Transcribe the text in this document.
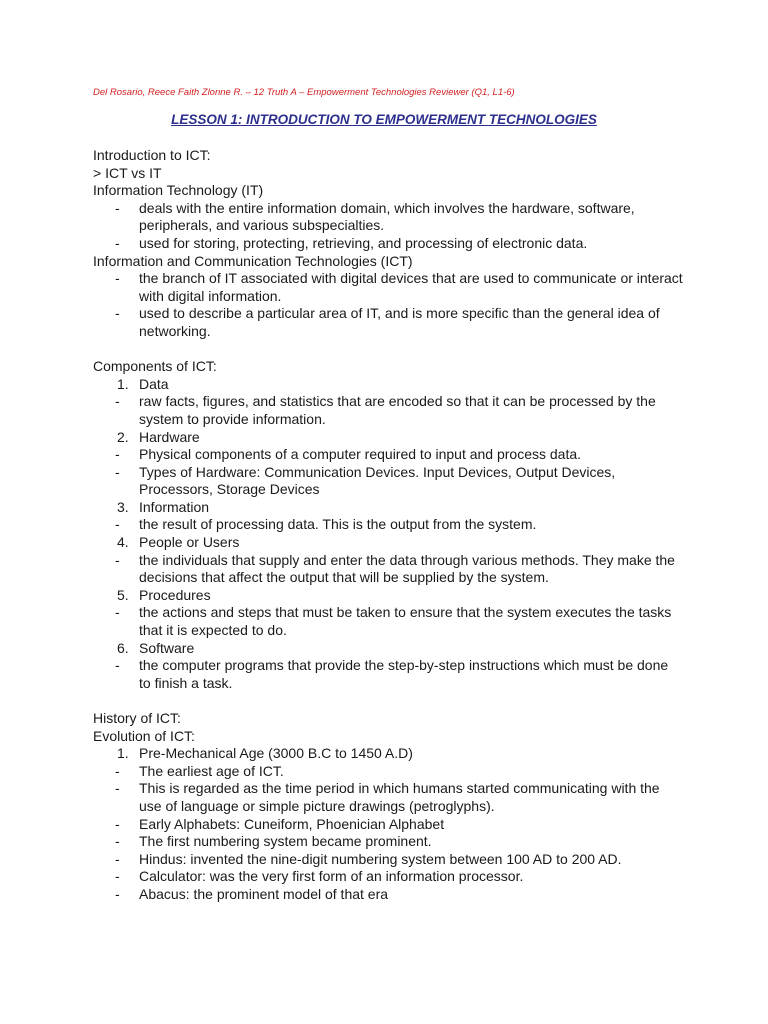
Del Rosario, Reece Faith Zlonne R. – 12 Truth A – Empowerment Technologies Reviewer (Q1, L1-6)
LESSON 1: INTRODUCTION TO EMPOWERMENT TECHNOLOGIES
Introduction to ICT:
> ICT vs IT
Information Technology (IT)
- deals with the entire information domain, which involves the hardware, software, peripherals, and various subspecialties.
- used for storing, protecting, retrieving, and processing of electronic data.
Information and Communication Technologies (ICT)
- the branch of IT associated with digital devices that are used to communicate or interact with digital information.
- used to describe a particular area of IT, and is more specific than the general idea of networking.
Components of ICT:
1. Data
- raw facts, figures, and statistics that are encoded so that it can be processed by the system to provide information.
2. Hardware
- Physical components of a computer required to input and process data.
- Types of Hardware: Communication Devices. Input Devices, Output Devices, Processors, Storage Devices
3. Information
- the result of processing data. This is the output from the system.
4. People or Users
- the individuals that supply and enter the data through various methods. They make the decisions that affect the output that will be supplied by the system.
5. Procedures
- the actions and steps that must be taken to ensure that the system executes the tasks that it is expected to do.
6. Software
- the computer programs that provide the step-by-step instructions which must be done to finish a task.
History of ICT:
Evolution of ICT:
1. Pre-Mechanical Age (3000 B.C to 1450 A.D)
- The earliest age of ICT.
- This is regarded as the time period in which humans started communicating with the use of language or simple picture drawings (petroglyphs).
- Early Alphabets: Cuneiform, Phoenician Alphabet
- The first numbering system became prominent.
- Hindus: invented the nine-digit numbering system between 100 AD to 200 AD.
- Calculator: was the very first form of an information processor.
- Abacus: the prominent model of that era
